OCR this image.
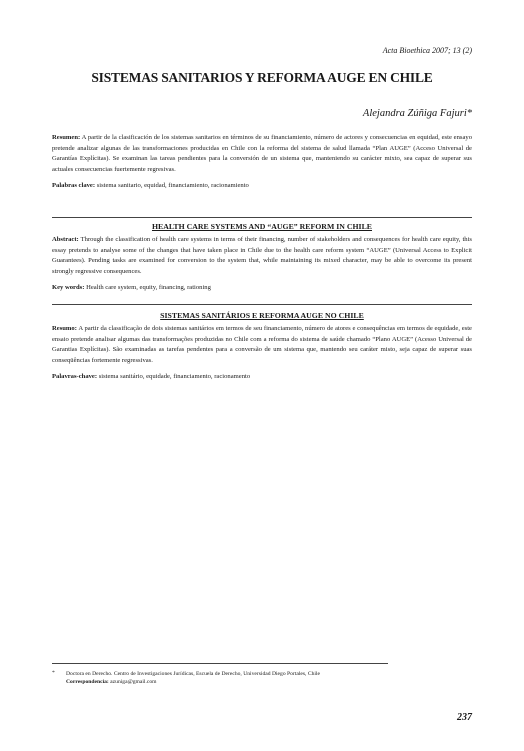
Acta Bioethica 2007; 13 (2)
SISTEMAS SANITARIOS Y REFORMA AUGE EN CHILE
Alejandra Zúñiga Fajuri*

Resumen: A partir de la clasificación de los sistemas sanitarios en términos de su financiamiento, número de actores y consecuencias en equidad, este ensayo pretende analizar algunas de las transformaciones producidas en Chile con la reforma del sistema de salud llamada “Plan AUGE” (Acceso Universal de Garantías Explícitas). Se examinan las tareas pendientes para la conversión de un sistema que, manteniendo su carácter mixto, sea capaz de superar sus actuales consecuencias fuertemente regresivas.

Palabras clave: sistema sanitario, equidad, financiamiento, racionamiento

HEALTH CARE SYSTEMS AND “AUGE” REFORM IN CHILE

Abstract: Through the classification of health care systems in terms of their financing, number of stakeholders and consequences for health care equity, this essay pretends to analyse some of the changes that have taken place in Chile due to the health care reform system “AUGE” (Universal Access to Explicit Guarantees). Pending tasks are examined for conversion to the system that, while maintaining its mixed character, may be able to overcome its present strongly regressive consequences.

Key words: Health care system, equity, financing, rationing

SISTEMAS SANITÁRIOS E REFORMA AUGE NO CHILE

Resumo: A partir da classificação de dois sistemas sanitários em termos de seu financiamento, número de atores e consequências em termos de equidade, este ensaio pretende analisar algumas das transformações produzidas no Chile com a reforma do sistema de saúde chamado “Plano AUGE” (Acesso Universal de Garantias Explícitas). São examinadas as tarefas pendentes para a conversão de um sistema que, mantendo seu caráter misto, seja capaz de superar suas conseqüências fortemente regressivas.

Palavras-chave: sistema sanitário, equidade, financiamento, racionamento

*	Doctora en Derecho. Centro de Investigaciones Jurídicas, Escuela de Derecho, Universidad Diego Portales, Chile
Correspondencia: azuniga@gmail.com
237
